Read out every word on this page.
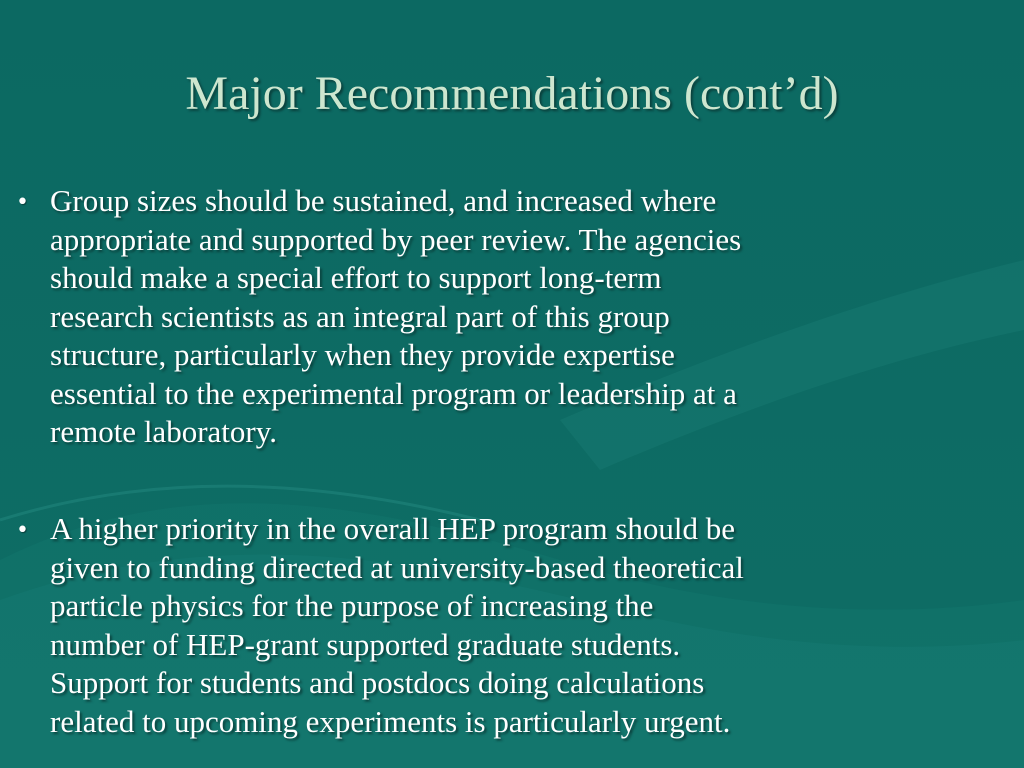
Major Recommendations (cont’d)
• Group sizes should be sustained, and increased where
appropriate and supported by peer review. The agencies
should make a special effort to support long-term
research scientists as an integral part of this group
structure, particularly when they provide expertise
essential to the experimental program or leadership at a
remote laboratory.
• A higher priority in the overall HEP program should be
given to funding directed at university-based theoretical
particle physics for the purpose of increasing the
number of HEP-grant supported graduate students.
Support for students and postdocs doing calculations
related to upcoming experiments is particularly urgent.
